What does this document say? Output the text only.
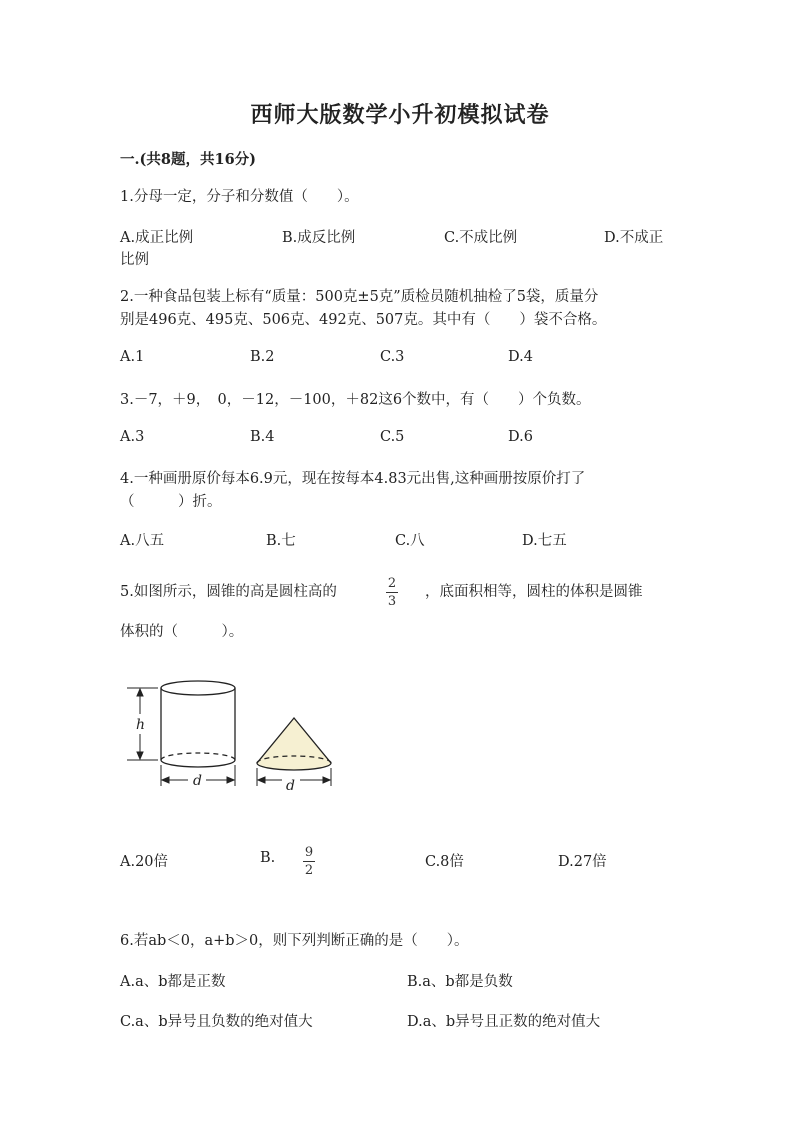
西师大版数学小升初模拟试卷
一.(共8题，共16分)
1.分母一定，分子和分数值（　　）。
A.成正比例	B.成反比例	C.不成比例	D.不成正
比例
2.一种食品包装上标有“质量：500克±5克”质检员随机抽检了5袋，质量分
别是496克、495克、506克、492克、507克。其中有（　　）袋不合格。
A.1	B.2	C.3	D.4
3.－7，＋9，　0，－12，－100，＋82这6个数中，有（　　）个负数。
A.3	B.4	C.5	D.6
4.一种画册原价每本6.9元，现在按每本4.83元出售,这种画册按原价打了
（　　　）折。
A.八五	B.七	C.八	D.七五
5.如图所示，圆锥的高是圆柱高的
2
3
，底面积相等，圆柱的体积是圆锥
体积的（　　　）。
h
d	d
A.20倍	B. 9
2
C.8倍	D.27倍
6.若ab＜0，a+b＞0，则下列判断正确的是（　　）。
A.a、b都是正数	B.a、b都是负数
C.a、b异号且负数的绝对值大	D.a、b异号且正数的绝对值大
